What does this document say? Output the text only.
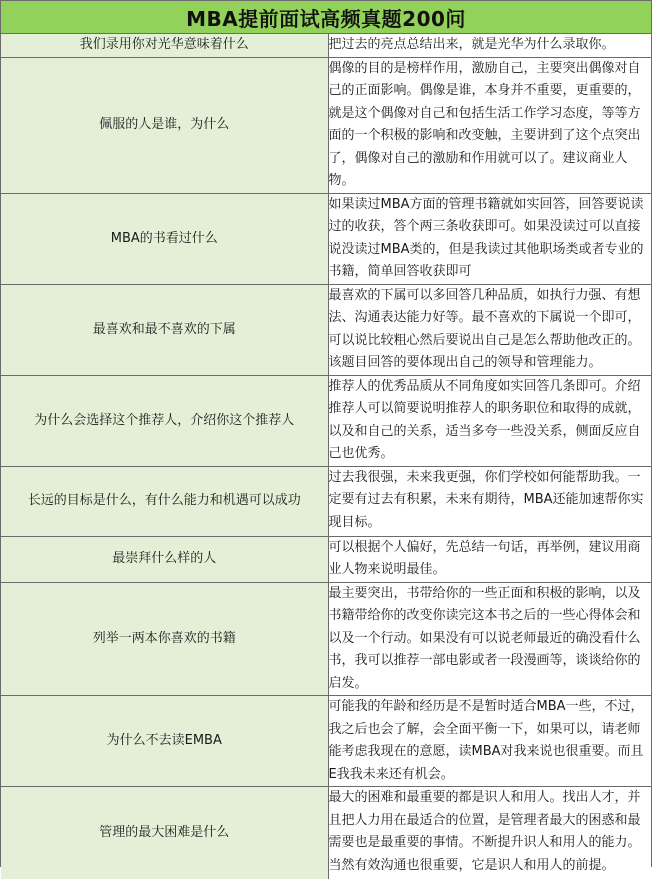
MBA提前面试高频真题200问
我们录用你对光华意味着什么	把过去的亮点总结出来，就是光华为什么录取你。

佩服的人是谁，为什么	偶像的目的是榜样作用，激励自己，主要突出偶像对自己的正面影响。偶像是谁，本身并不重要，更重要的，就是这个偶像对自己和包括生活工作学习态度，等等方面的一个积极的影响和改变触，主要讲到了这个点突出了，偶像对自己的激励和作用就可以了。建议商业人物。

MBA的书看过什么	如果读过MBA方面的管理书籍就如实回答，回答要说读过的收获，答个两三条收获即可。如果没读过可以直接说没读过MBA类的，但是我读过其他职场类或者专业的书籍，简单回答收获即可

最喜欢和最不喜欢的下属	最喜欢的下属可以多回答几种品质，如执行力强、有想法、沟通表达能力好等。最不喜欢的下属说一个即可，可以说比较粗心然后要说出自己是怎么帮助他改正的。该题目回答的要体现出自己的领导和管理能力。

为什么会选择这个推荐人，介绍你这个推荐人	推荐人的优秀品质从不同角度如实回答几条即可。介绍推荐人可以简要说明推荐人的职务职位和取得的成就，以及和自己的关系，适当多夸一些没关系，侧面反应自己也优秀。

长远的目标是什么，有什么能力和机遇可以成功	过去我很强，未来我更强，你们学校如何能帮助我。一定要有过去有积累，未来有期待，MBA还能加速帮你实现目标。

最崇拜什么样的人	可以根据个人偏好，先总结一句话，再举例，建议用商业人物来说明最佳。

列举一两本你喜欢的书籍	最主要突出，书带给你的一些正面和积极的影响，以及书籍带给你的改变你读完这本书之后的一些心得体会和以及一个行动。如果没有可以说老师最近的确没看什么书，我可以推荐一部电影或者一段漫画等，谈谈给你的启发。

为什么不去读EMBA	可能我的年龄和经历是不是暂时适合MBA一些，不过，我之后也会了解，会全面平衡一下，如果可以，请老师能考虑我现在的意愿，读MBA对我来说也很重要。而且E我我未来还有机会。

管理的最大困难是什么	最大的困难和最重要的都是识人和用人。找出人才，并且把人力用在最适合的位置，是管理者最大的困惑和最需要也是最重要的事情。不断提升识人和用人的能力。当然有效沟通也很重要，它是识人和用人的前提。
